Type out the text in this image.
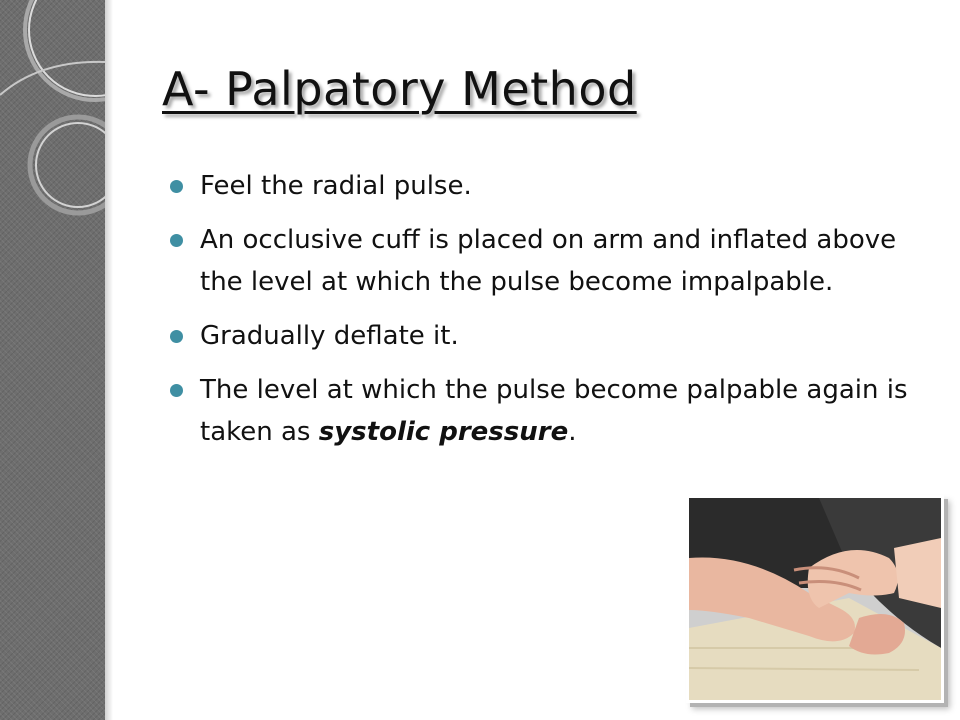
A- Palpatory Method
Feel the radial pulse.
An occlusive cuff is placed on arm and inflated above the level at which the pulse become impalpable.
Gradually deflate it.
The level at which the pulse become palpable again is taken as systolic pressure.
